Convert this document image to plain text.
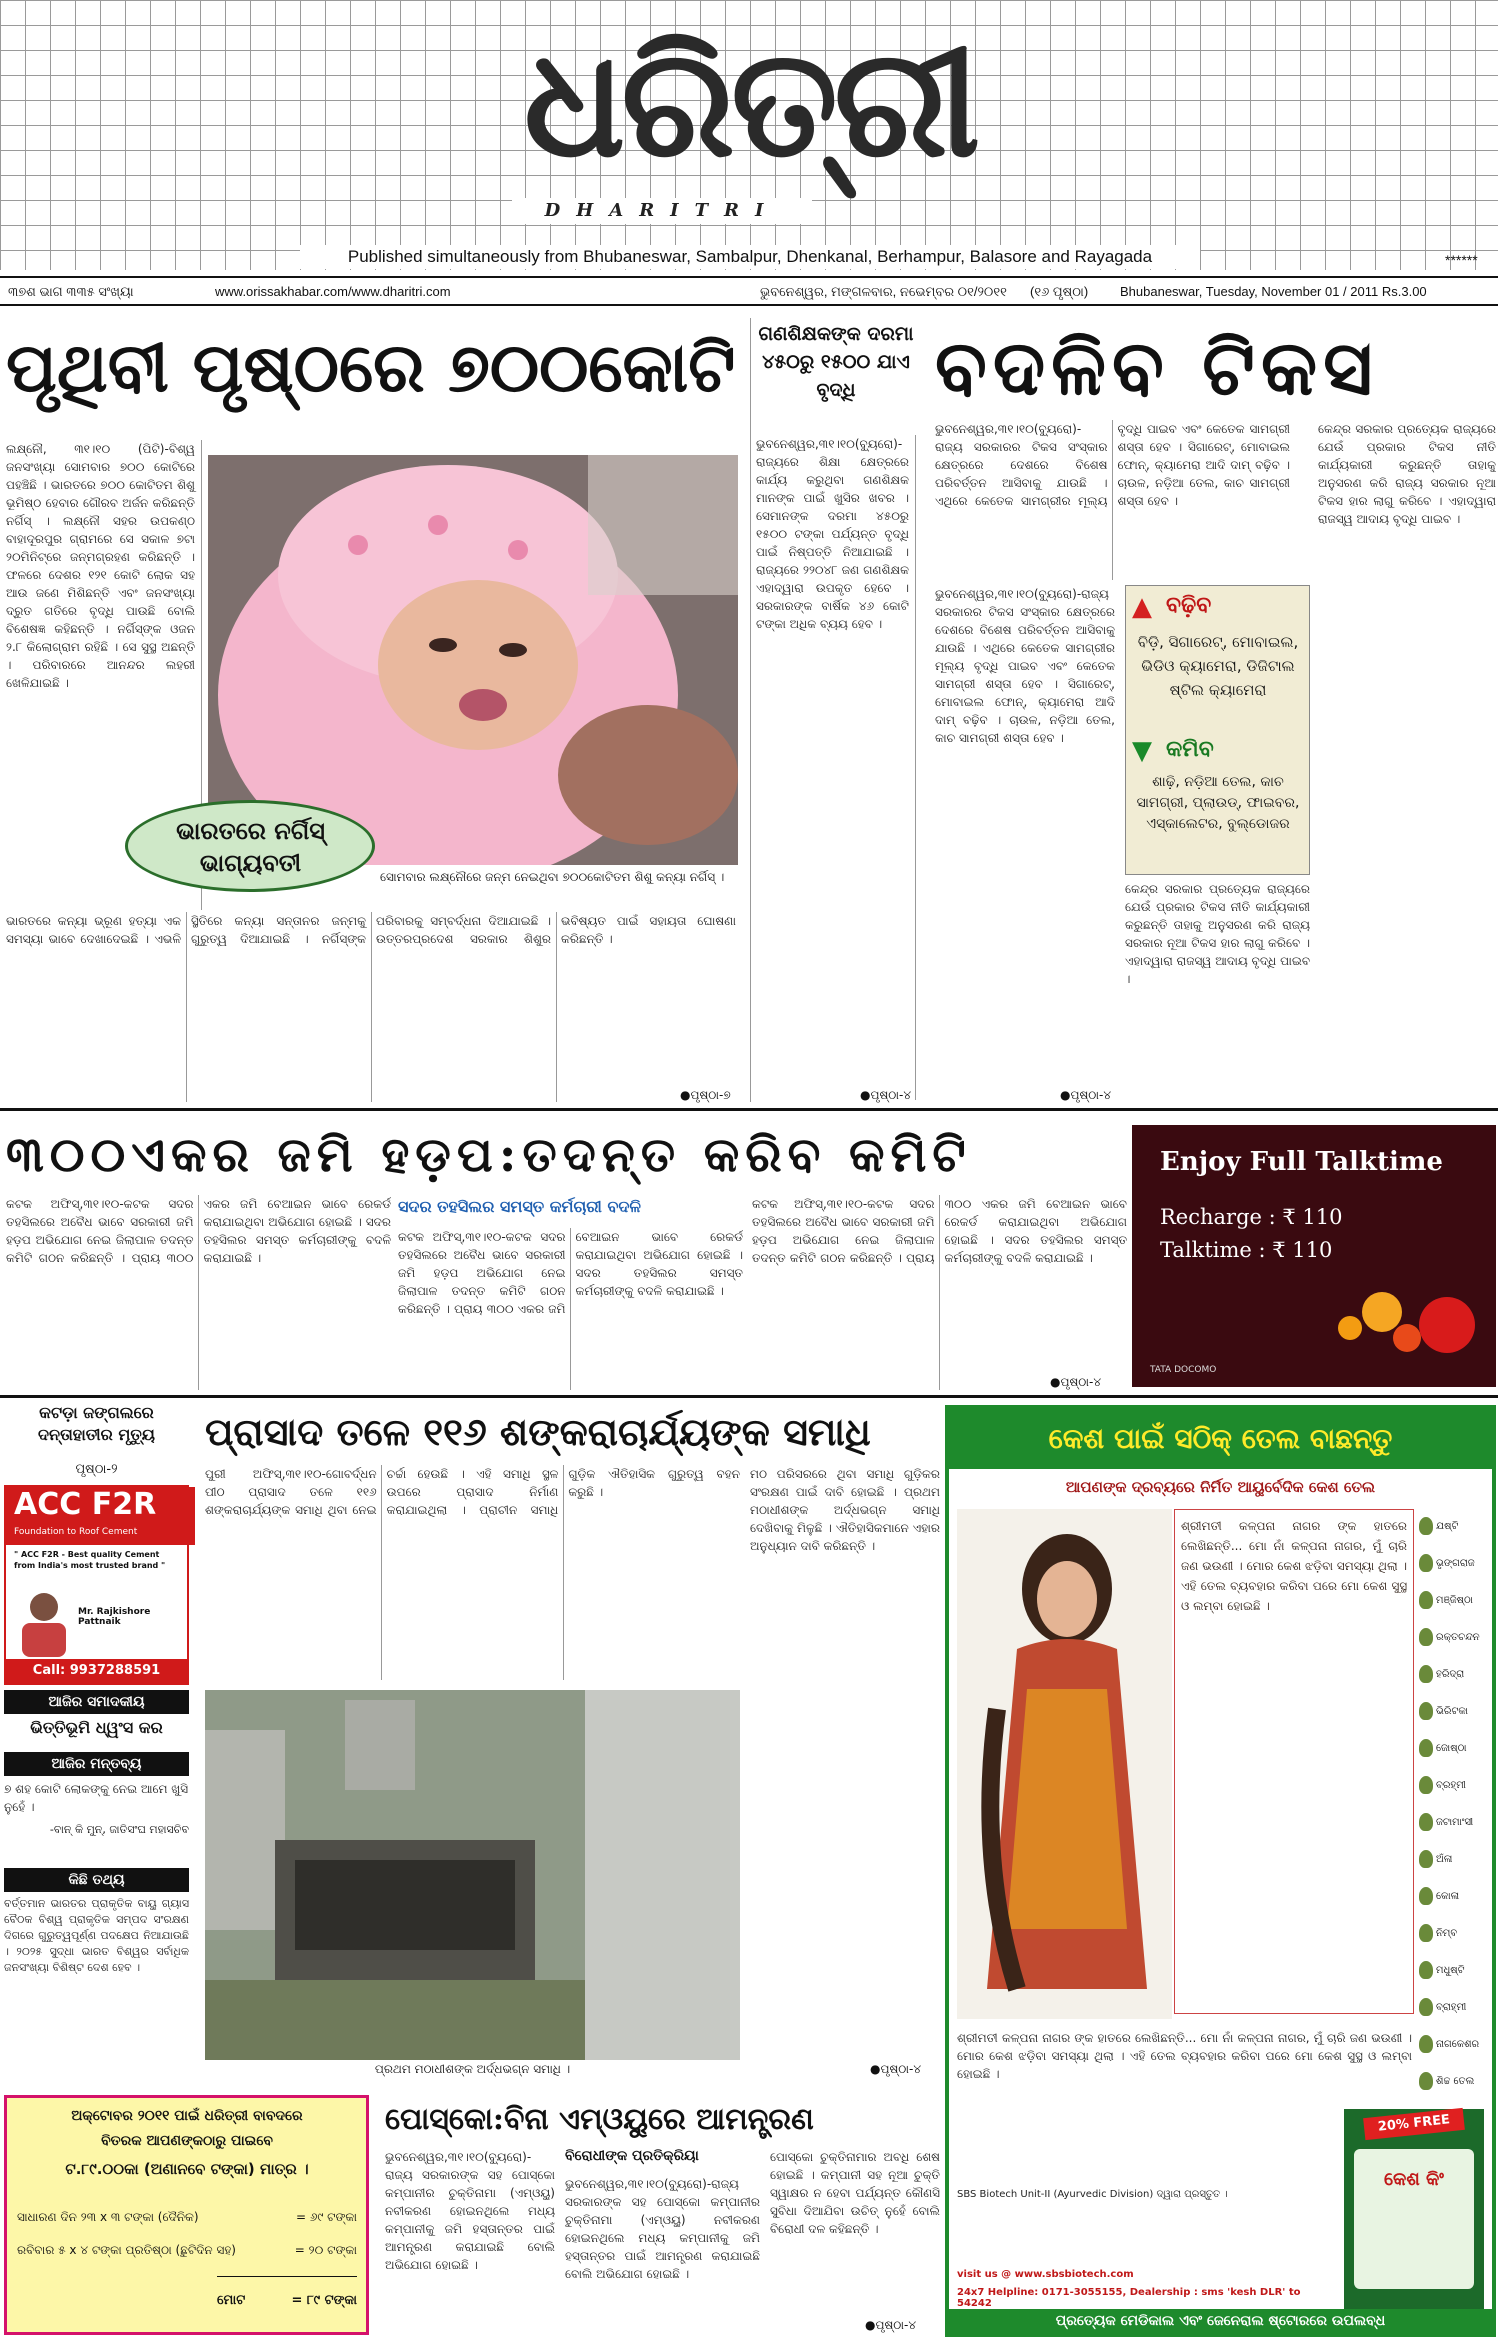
ଧରିତ୍ରୀ
DHARITRI
Published simultaneously from Bhubaneswar, Sambalpur, Dhenkanal, Berhampur, Balasore and Rayagada	******
୩୭ଶ ଭାଗ ୩୩୫ ସଂଖ୍ୟା	www.orissakhabar.com/www.dharitri.com	ଭୁବନେଶ୍ୱର, ମଙ୍ଗଳବାର, ନଭେମ୍ବର ୦୧/୨୦୧୧ (୧୬ ପୃଷ୍ଠା) Bhubaneswar, Tuesday, November 01 / 2011 Rs.3.00
ପୃଥିବୀ ପୃଷ୍ଠରେ ୭୦୦କୋଟି
ଲକ୍ଷ୍ନୌ, ୩୧।୧୦ (ପିଟି)-ବିଶ୍ୱ ଜନସଂଖ୍ୟା ସୋମବାର ୭୦୦ କୋଟିରେ ପହଞ୍ଚିଛି । ଭାରତରେ ୭୦୦ କୋଟିତମ ଶିଶୁ ଭୂମିଷ୍ଠ ହେବାର ଗୌରବ ଅର୍ଜନ କରିଛନ୍ତି ନର୍ଗିସ୍ । ଲକ୍ଷ୍ନୌ ସହର ଉପକଣ୍ଠ ବାହାଦୂରପୁର ଗ୍ରାମରେ ସେ ସକାଳ ୭ଟା ୨୦ମିନିଟ୍‌ରେ ଜନ୍ମଗ୍ରହଣ କରିଛନ୍ତି । ଫଳରେ ଦେଶର ୧୨୧ କୋଟି ଲୋକ ସହ ଆଉ ଜଣେ ମିଶିଛନ୍ତି ଏବଂ ଜନସଂଖ୍ୟା ଦ୍ରୁତ ଗତିରେ ବୃଦ୍ଧି ପାଉଛି ବୋଲି ବିଶେଷଜ୍ଞ କହିଛନ୍ତି । ନର୍ଗିସ୍‌ଙ୍କ ଓଜନ ୨.୮ କିଲୋଗ୍ରାମ ରହିଛି । ସେ ସୁସ୍ଥ ଅଛନ୍ତି । ପରିବାରରେ ଆନନ୍ଦର ଲହରୀ ଖେଳିଯାଇଛି ।
ଭାରତରେ ନର୍ଗିସ୍ ଭାଗ୍ୟବତୀ	ସୋମବାର ଲକ୍ଷ୍ନୌରେ ଜନ୍ମ ନେଇଥିବା ୭୦୦କୋଟିତମ ଶିଶୁ କନ୍ୟା ନର୍ଗିସ୍ ।
ଭାରତରେ କନ୍ୟା ଭ୍ରୂଣ ହତ୍ୟା ଏକ ସମସ୍ୟା ଭାବେ ଦେଖାଦେଇଛି । ଏଭଳି ସ୍ଥିତିରେ କନ୍ୟା ସନ୍ତାନର ଜନ୍ମକୁ ଗୁରୁତ୍ୱ ଦିଆଯାଇଛି । ନର୍ଗିସ୍‌ଙ୍କ ପରିବାରକୁ ସମ୍ବର୍ଦ୍ଧନା ଦିଆଯାଇଛି । ଉତ୍ତରପ୍ରଦେଶ ସରକାର ଶିଶୁର ଭବିଷ୍ୟତ ପାଇଁ ସହାୟତା ଘୋଷଣା କରିଛନ୍ତି ।
●ପୃଷ୍ଠା-୭
ଗଣଶିକ୍ଷକଙ୍କ ଦରମା ୪୫୦ରୁ ୧୫୦୦ ଯାଏ ବୃଦ୍ଧି
ଭୁବନେଶ୍ୱର,୩୧।୧୦(ବ୍ୟୁରୋ)-ରାଜ୍ୟରେ ଶିକ୍ଷା କ୍ଷେତ୍ରରେ କାର୍ଯ୍ୟ କରୁଥିବା ଗଣଶିକ୍ଷକ ମାନଙ୍କ ପାଇଁ ଖୁସିର ଖବର । ସେମାନଙ୍କ ଦରମା ୪୫୦ରୁ ୧୫୦୦ ଟଙ୍କା ପର୍ଯ୍ୟନ୍ତ ବୃଦ୍ଧି ପାଇଁ ନିଷ୍ପତ୍ତି ନିଆଯାଇଛି । ରାଜ୍ୟରେ ୨୨୦୪୮ ଜଣ ଗଣଶିକ୍ଷକ ଏହାଦ୍ୱାରା ଉପକୃତ ହେବେ । ସରକାରଙ୍କ ବାର୍ଷିକ ୪୬ କୋଟି ଟଙ୍କା ଅଧିକ ବ୍ୟୟ ହେବ ।
●ପୃଷ୍ଠା-୪
ବଦଳିବ ଟିକସ
ଭୁବନେଶ୍ୱର,୩୧।୧୦(ବ୍ୟୁରୋ)-ରାଜ୍ୟ ସରକାରର ଟିକସ ସଂସ୍କାର କ୍ଷେତ୍ରରେ ଦେଶରେ ବିଶେଷ ପରିବର୍ତ୍ତନ ଆସିବାକୁ ଯାଉଛି । ଏଥିରେ କେତେକ ସାମଗ୍ରୀର ମୂଲ୍ୟ ବୃଦ୍ଧି ପାଇବ ଏବଂ କେତେକ ସାମଗ୍ରୀ ଶସ୍ତା ହେବ । ସିଗାରେଟ୍, ମୋବାଇଲ ଫୋନ୍, କ୍ୟାମେରା ଆଦି ଦାମ୍ ବଢ଼ିବ । ଚାଉଳ, ନଡ଼ିଆ ତେଲ, କାଚ ସାମଗ୍ରୀ ଶସ୍ତା ହେବ ।
▲ ବଢ଼ିବ
ବିଡ଼ି, ସିଗାରେଟ୍, ମୋବାଇଲ, ଭିଡିଓ କ୍ୟାମେରା, ଡିଜିଟାଲ ଷ୍ଟିଲ କ୍ୟାମେରା
▼ କମିବ
ଶାଢ଼ି, ନଡ଼ିଆ ତେଲ, କାଚ ସାମଗ୍ରୀ, ପ୍ଲାଉଡ୍, ଫାଇବର, ଏସ୍କାଲେଟର, ବୁଲ୍‌ଡୋଜର
ଭୁବନେଶ୍ୱର,୩୧।୧୦(ବ୍ୟୁରୋ)-ରାଜ୍ୟ ସରକାରର ଟିକସ ସଂସ୍କାର କ୍ଷେତ୍ରରେ ଦେଶରେ ବିଶେଷ ପରିବର୍ତ୍ତନ ଆସିବାକୁ ଯାଉଛି । ଏଥିରେ କେତେକ ସାମଗ୍ରୀର ମୂଲ୍ୟ ବୃଦ୍ଧି ପାଇବ ଏବଂ କେତେକ ସାମଗ୍ରୀ ଶସ୍ତା ହେବ । ସିଗାରେଟ୍, ମୋବାଇଲ ଫୋନ୍, କ୍ୟାମେରା ଆଦି ଦାମ୍ ବଢ଼ିବ । ଚାଉଳ, ନଡ଼ିଆ ତେଲ, କାଚ ସାମଗ୍ରୀ ଶସ୍ତା ହେବ ।
କେନ୍ଦ୍ର ସରକାର ପ୍ରତ୍ୟେକ ରାଜ୍ୟରେ ଯେଉଁ ପ୍ରକାର ଟିକସ ନୀତି କାର୍ଯ୍ୟକାରୀ କରୁଛନ୍ତି ତାହାକୁ ଅନୁସରଣ କରି ରାଜ୍ୟ ସରକାର ନୂଆ ଟିକସ ହାର ଲାଗୁ କରିବେ । ଏହାଦ୍ୱାରା ରାଜସ୍ୱ ଆଦାୟ ବୃଦ୍ଧି ପାଇବ ।
କେନ୍ଦ୍ର ସରକାର ପ୍ରତ୍ୟେକ ରାଜ୍ୟରେ ଯେଉଁ ପ୍ରକାର ଟିକସ ନୀତି କାର୍ଯ୍ୟକାରୀ କରୁଛନ୍ତି ତାହାକୁ ଅନୁସରଣ କରି ରାଜ୍ୟ ସରକାର ନୂଆ ଟିକସ ହାର ଲାଗୁ କରିବେ । ଏହାଦ୍ୱାରା ରାଜସ୍ୱ ଆଦାୟ ବୃଦ୍ଧି ପାଇବ ।
●ପୃଷ୍ଠା-୪
୩୦୦ଏକର ଜମି ହଡ଼ପ:ତଦନ୍ତ କରିବ କମିଟି
କଟକ ଅଫିସ୍,୩୧।୧୦-କଟକ ସଦର ତହସିଲରେ ଅବୈଧ ଭାବେ ସରକାରୀ ଜମି ହଡ଼ପ ଅଭିଯୋଗ ନେଇ ଜିଲାପାଳ ତଦନ୍ତ କମିଟି ଗଠନ କରିଛନ୍ତି । ପ୍ରାୟ ୩୦୦ ଏକର ଜମି ବେଆଇନ ଭାବେ ରେକର୍ଡ କରାଯାଇଥିବା ଅଭିଯୋଗ ହୋଇଛି । ସଦର ତହସିଲର ସମସ୍ତ କର୍ମଚାରୀଙ୍କୁ ବଦଳି କରାଯାଇଛି ।
ସଦର ତହସିଲର ସମସ୍ତ କର୍ମଚାରୀ ବଦଳି
କଟକ ଅଫିସ୍,୩୧।୧୦-କଟକ ସଦର ତହସିଲରେ ଅବୈଧ ଭାବେ ସରକାରୀ ଜମି ହଡ଼ପ ଅଭିଯୋଗ ନେଇ ଜିଲାପାଳ ତଦନ୍ତ କମିଟି ଗଠନ କରିଛନ୍ତି । ପ୍ରାୟ ୩୦୦ ଏକର ଜମି ବେଆଇନ ଭାବେ ରେକର୍ଡ କରାଯାଇଥିବା ଅଭିଯୋଗ ହୋଇଛି । ସଦର ତହସିଲର ସମସ୍ତ କର୍ମଚାରୀଙ୍କୁ ବଦଳି କରାଯାଇଛି ।
କଟକ ଅଫିସ୍,୩୧।୧୦-କଟକ ସଦର ତହସିଲରେ ଅବୈଧ ଭାବେ ସରକାରୀ ଜମି ହଡ଼ପ ଅଭିଯୋଗ ନେଇ ଜିଲାପାଳ ତଦନ୍ତ କମିଟି ଗଠନ କରିଛନ୍ତି । ପ୍ରାୟ ୩୦୦ ଏକର ଜମି ବେଆଇନ ଭାବେ ରେକର୍ଡ କରାଯାଇଥିବା ଅଭିଯୋଗ ହୋଇଛି । ସଦର ତହସିଲର ସମସ୍ତ କର୍ମଚାରୀଙ୍କୁ ବଦଳି କରାଯାଇଛି ।
●ପୃଷ୍ଠା-୪
Enjoy Full Talktime
Recharge : ₹ 110
Talktime : ₹ 110
TATA DOCOMO
କଟଡ଼ା ଜଙ୍ଗଲରେ ଦନ୍ତାହାତୀର ମୃତ୍ୟୁ
ପୃଷ୍ଠା-୨
ACC F2R
Foundation to Roof Cement
" ACC F2R - Best quality Cement from India's most trusted brand "
Mr. Rajkishore Pattnaik
Call: 9937288591
ଆଜିର ସମାଦକୀୟ
ଭିତ୍ତିଭୂମି ଧ୍ୱଂସ କର
ଆଜିର ମନ୍ତବ୍ୟ
୭ ଶହ କୋଟି ଲୋକଙ୍କୁ ନେଇ ଆମେ ଖୁସି ନୁହେଁ ।
-ବାନ୍ କି ମୁନ୍, ଜାତିସଂଘ ମହାସଚିବ
କିଛି ତଥ୍ୟ
ବର୍ତ୍ତମାନ ଭାରତର ପ୍ରାକୃତିକ ବାୟୁ ଗ୍ୟାସ ବୈଠକ ବିଶ୍ୱ ପ୍ରାକୃତିକ ସମ୍ପଦ ସଂରକ୍ଷଣ ଦିଗରେ ଗୁରୁତ୍ୱପୂର୍ଣ୍ଣ ପଦକ୍ଷେପ ନିଆଯାଉଛି । ୨୦୨୫ ସୁଦ୍ଧା ଭାରତ ବିଶ୍ୱର ସର୍ବାଧିକ ଜନସଂଖ୍ୟା ବିଶିଷ୍ଟ ଦେଶ ହେବ ।
ପ୍ରାସାଦ ତଳେ ୧୧୬ ଶଙ୍କରାଚାର୍ଯ୍ୟଙ୍କ ସମାଧି
ପୁରୀ ଅଫିସ୍,୩୧।୧୦-ଗୋବର୍ଦ୍ଧନ ପୀଠ ପ୍ରାସାଦ ତଳେ ୧୧୬ ଶଙ୍କରାଚାର୍ଯ୍ୟଙ୍କ ସମାଧି ଥିବା ନେଇ ଚର୍ଚ୍ଚା ହେଉଛି । ଏହି ସମାଧି ସ୍ଥଳ ଉପରେ ପ୍ରାସାଦ ନିର୍ମାଣ କରାଯାଇଥିଲା । ପ୍ରାଚୀନ ସମାଧି ଗୁଡ଼ିକ ଐତିହାସିକ ଗୁରୁତ୍ୱ ବହନ କରୁଛି ।
ପ୍ରଥମ ମଠାଧୀଶଙ୍କ ଅର୍ଦ୍ଧଭଗ୍ନ ସମାଧି ।
ମଠ ପରିସରରେ ଥିବା ସମାଧି ଗୁଡ଼ିକର ସଂରକ୍ଷଣ ପାଇଁ ଦାବି ହୋଇଛି । ପ୍ରଥମ ମଠାଧୀଶଙ୍କ ଅର୍ଦ୍ଧଭଗ୍ନ ସମାଧି ଦେଖିବାକୁ ମିଳୁଛି । ଐତିହାସିକମାନେ ଏହାର ଅନୁଧ୍ୟାନ ଦାବି କରିଛନ୍ତି ।
●ପୃଷ୍ଠା-୪
କେଶ ପାଇଁ ସଠିକ୍ ତେଲ ବାଛନ୍ତୁ
ଆପଣଙ୍କ ଦ୍ରବ୍ୟରେ ନିର୍ମିତ ଆୟୁର୍ବେଦିକ କେଶ ତେଲ
ଶ୍ରୀମତୀ କଳ୍ପନା ନାଗର ଙ୍କ ହାତରେ ଲେଖିଛନ୍ତି... ମୋ ନାଁ କଳ୍ପନା ନାଗର, ମୁଁ ଚାରି ଜଣ ଭଉଣୀ । ମୋର କେଶ ଝଡ଼ିବା ସମସ୍ୟା ଥିଲା । ଏହି ତେଲ ବ୍ୟବହାର କରିବା ପରେ ମୋ କେଶ ସୁସ୍ଥ ଓ ଲମ୍ବା ହୋଇଛି ।
ଯଷ୍ଟି
ଭୃଙ୍ଗରାଜ
ମଞ୍ଜିଷ୍ଠା
ରକ୍ତଚନ୍ଦନ
ହରିଦ୍ରା
ଭିରିଟକା
ଜୋଷ୍ଠା
ବ୍ରହ୍ମୀ
ଜଟାମାଂସୀ
ଅଁଳା
କୋଳା
ନିମ୍ବ
ମଧୁଷ୍ଟି
ବ୍ରାହ୍ମୀ
ନାଗକେଶର
ଶିଚ୍ଚ ତେଲ
ଶ୍ରୀମତୀ କଳ୍ପନା ନାଗର ଙ୍କ ହାତରେ ଲେଖିଛନ୍ତି... ମୋ ନାଁ କଳ୍ପନା ନାଗର, ମୁଁ ଚାରି ଜଣ ଭଉଣୀ । ମୋର କେଶ ଝଡ଼ିବା ସମସ୍ୟା ଥିଲା । ଏହି ତେଲ ବ୍ୟବହାର କରିବା ପରେ ମୋ କେଶ ସୁସ୍ଥ ଓ ଲମ୍ବା ହୋଇଛି ।
SBS Biotech Unit-II (Ayurvedic Division) ଦ୍ୱାରା ପ୍ରସ୍ତୁତ ।
visit us @ www.sbsbiotech.com
24x7 Helpline: 0171-3055155, Dealership : sms 'kesh DLR' to 54242
20% FREE
କେଶ କିଂ
ପ୍ରତ୍ୟେକ ମେଡିକାଲ ଏବଂ ଜେନେରାଲ ଷ୍ଟୋରରେ ଉପଲବ୍ଧ
ଅକ୍ଟୋବର ୨୦୧୧ ପାଇଁ ଧରିତ୍ରୀ ବାବଦରେ
ବିତରକ ଆପଣଙ୍କଠାରୁ ପାଇବେ
ଟ.୮୯.୦୦କା (ଅଣାନବେ ଟଙ୍କା) ମାତ୍ର ।
ସାଧାରଣ ଦିନ ୨୩ x ୩ ଟଙ୍କା (ଦୈନିକ)	= ୬୯ ଟଙ୍କା
ରବିବାର ୫ x ୪ ଟଙ୍କା ପ୍ରତିଷ୍ଠା (ଛୁଟିଦିନ ସହ)	= ୨୦ ଟଙ୍କା
ମୋଟ	= ୮୯ ଟଙ୍କା
ପୋସ୍କୋ:ବିନା ଏମ୍ଓୟୁରେ ଆମନ୍ତ୍ରଣ
ଭୁବନେଶ୍ୱର,୩୧।୧୦(ବ୍ୟୁରୋ)-ରାଜ୍ୟ ସରକାରଙ୍କ ସହ ପୋସ୍କୋ କମ୍ପାନୀର ଚୁକ୍ତିନାମା (ଏମ୍ଓୟୁ) ନବୀକରଣ ହୋଇନଥିଲେ ମଧ୍ୟ କମ୍ପାନୀକୁ ଜମି ହସ୍ତାନ୍ତର ପାଇଁ ଆମନ୍ତ୍ରଣ କରାଯାଇଛି ବୋଲି ଅଭିଯୋଗ ହୋଇଛି ।
ବିରୋଧୀଙ୍କ ପ୍ରତିକ୍ରିୟା
ଭୁବନେଶ୍ୱର,୩୧।୧୦(ବ୍ୟୁରୋ)-ରାଜ୍ୟ ସରକାରଙ୍କ ସହ ପୋସ୍କୋ କମ୍ପାନୀର ଚୁକ୍ତିନାମା (ଏମ୍ଓୟୁ) ନବୀକରଣ ହୋଇନଥିଲେ ମଧ୍ୟ କମ୍ପାନୀକୁ ଜମି ହସ୍ତାନ୍ତର ପାଇଁ ଆମନ୍ତ୍ରଣ କରାଯାଇଛି ବୋଲି ଅଭିଯୋଗ ହୋଇଛି ।
ପୋସ୍କୋ ଚୁକ୍ତିନାମାର ଅବଧି ଶେଷ ହୋଇଛି । କମ୍ପାନୀ ସହ ନୂଆ ଚୁକ୍ତି ସ୍ୱାକ୍ଷର ନ ହେବା ପର୍ଯ୍ୟନ୍ତ କୌଣସି ସୁବିଧା ଦିଆଯିବା ଉଚିତ୍ ନୁହେଁ ବୋଲି ବିରୋଧୀ ଦଳ କହିଛନ୍ତି ।
●ପୃଷ୍ଠା-୪
